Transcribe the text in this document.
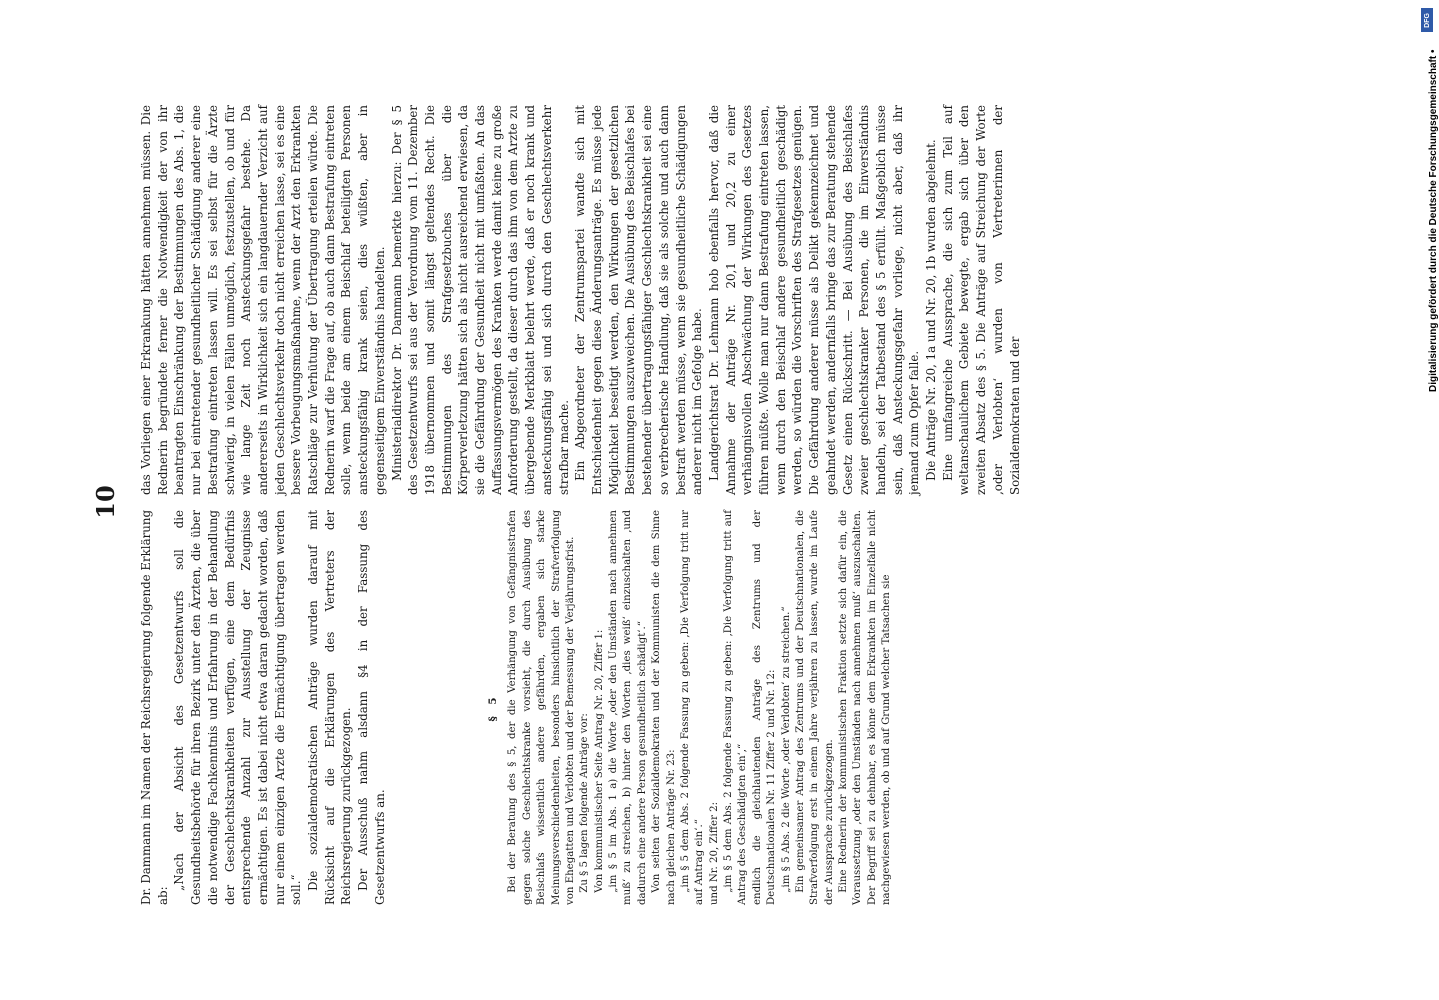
10

Dr. Dammann im Namen der Reichsregierung folgende Erklärung ab:

„Nach der Absicht des Gesetzentwurfs soll die Gesundheitsbehörde für ihren Bezirk unter den Ärzten, die über die notwendige Fachkenntnis und Erfahrung in der Behandlung der Geschlechtskrankheiten verfügen, eine dem Bedürfnis entsprechende Anzahl zur Ausstellung der Zeugnisse ermächtigen. Es ist dabei nicht etwa daran gedacht worden, daß nur einem einzigen Arzte die Ermächtigung übertragen werden soll.“ Die sozialdemokratischen Anträge wurden darauf mit Rücksicht auf die Erklärungen des Vertreters der Reichsregierung zurückgezogen. Der Ausschuß nahm alsdann §4 in der Fassung des Gesetzentwurfs an.

§ 5 Bei der Beratung des § 5, der die Verhängung von Gefängnisstrafen gegen solche Geschlechtskranke vorsieht, die durch Ausübung des Beischlafs wissentlich andere gefährden, ergaben sich starke Meinungsverschiedenheiten, besonders hinsichtlich der Strafverfolgung von Ehegatten und Verlobten und der Bemessung der Verjährungsfrist. Zu § 5 lagen folgende Anträge vor: Von kommunistischer Seite Antrag Nr. 20, Ziffer 1: „im § 5 im Abs. 1 a) die Worte ‚oder den Umständen nach annehmen muß‘ zu streichen, b) hinter den Worten ‚dies weiß‘ einzuschalten ‚und dadurch eine andere Person gesundheitlich schädigt‘.“ Von seiten der Sozialdemokraten und der Kommunisten die dem Sinne nach gleichen Anträge Nr. 23: „im § 5 dem Abs. 2 folgende Fassung zu geben: ‚Die Verfolgung tritt nur auf Antrag ein‘.“ und Nr. 20, Ziffer 2: „im § 5 dem Abs. 2 folgende Fassung zu geben: ‚Die Verfolgung tritt auf Antrag des Geschädigten ein‘,“ endlich die gleichlautenden Anträge des Zentrums und der Deutschnationalen Nr. 11 Ziffer 2 und Nr. 12: „im § 5 Abs. 2 die Worte ‚oder Verlobten‘ zu streichen.“ Ein gemeinsamer Antrag des Zentrums und der Deutschnationalen, die Strafverfolgung erst in einem Jahre verjähren zu lassen, wurde im Laufe der Aussprache zurückgezogen. Eine Rednerin der kommunistischen Fraktion setzte sich dafür ein, die Voraussetzung ‚oder den Umständen nach annehmen muß‘ auszuschalten. Der Begriff sei zu dehnbar, es könne dem Erkrankten im Einzelfalle nicht nachgewiesen werden, ob und auf Grund welcher Tatsachen sie

das Vorliegen einer Erkrankung hätten annehmen müssen. Die Rednerin begründete ferner die Notwendigkeit der von ihr beantragten Einschränkung der Bestimmungen des Abs. 1, die nur bei eintretender gesundheitlicher Schädigung anderer eine Bestrafung eintreten lassen will. Es sei selbst für die Ärzte schwierig, in vielen Fällen unmöglich, festzustellen, ob und für wie lange Zeit noch Ansteckungsgefahr bestehe. Da andererseits in Wirklichkeit sich ein langdauernder Verzicht auf jeden Geschlechtsverkehr doch nicht erreichen lasse, sei es eine bessere Vorbeugungsmaßnahme, wenn der Arzt den Erkrankten Ratschläge zur Verhütung der Übertragung erteilen würde. Die Rednerin warf die Frage auf, ob auch dann Bestrafung eintreten solle, wenn beide am einem Beischlaf beteiligten Personen ansteckungsfähig krank seien, dies wüßten, aber in gegenseitigem Einverständnis handelten. Ministerialdirektor Dr. Dammann bemerkte hierzu: Der § 5 des Gesetzentwurfs sei aus der Verordnung vom 11. Dezember 1918 übernommen und somit längst geltendes Recht. Die Bestimmungen des Strafgesetzbuches über die Körperverletzung hätten sich als nicht ausreichend erwiesen, da sie die Gefährdung der Gesundheit nicht mit umfaßten. An das Auffassungsvermögen des Kranken werde damit keine zu große Anforderung gestellt, da dieser durch das ihm von dem Arzte zu übergebende Merkblatt belehrt werde, daß er noch krank und ansteckungsfähig sei und sich durch den Geschlechtsverkehr strafbar mache. Ein Abgeordneter der Zentrumspartei wandte sich mit Entschiedenheit gegen diese Änderungsanträge. Es müsse jede Möglichkeit beseitigt werden, den Wirkungen der gesetzlichen Bestimmungen auszuweichen. Die Ausübung des Beischlafes bei bestehender übertragungsfähiger Geschlechtskrankheit sei eine so verbrecherische Handlung, daß sie als solche und auch dann bestraft werden müsse, wenn sie gesundheitliche Schädigungen anderer nicht im Gefolge habe. Landgerichtsrat Dr. Lehmann hob ebenfalls hervor, daß die Annahme der Anträge Nr. 20,1 und 20,2 zu einer verhängnisvollen Abschwächung der Wirkungen des Gesetzes führen müßte. Wolle man nur dann Bestrafung eintreten lassen, wenn durch den Beischlaf andere gesundheitlich geschädigt werden, so würden die Vorschriften des Strafgesetzes genügen. Die Gefährdung anderer müsse als Delikt gekennzeichnet und geahndet werden, andernfalls bringe das zur Beratung stehende Gesetz einen Rückschritt. — Bei Ausübung des Beischlafes zweier geschlechtskranker Personen, die im Einverständnis handeln, sei der Tatbestand des § 5 erfüllt. Maßgeblich müsse sein, daß Ansteckungsgefahr vorliege, nicht aber, daß ihr jemand zum Opfer falle. Die Anträge Nr. 20, 1a und Nr. 20, 1b wurden abgelehnt. Eine umfangreiche Aussprache, die sich zum Teil auf weltanschaulichem Gebiete bewegte, ergab sich über den zweiten Absatz des § 5. Die Anträge auf Streichung der Worte ‚oder Verlobten‘ wurden von Vertreterinnen der Sozialdemokraten und der

Digitalisierung gefördert durch die Deutsche Forschungsgemeinschaft •
DFG
